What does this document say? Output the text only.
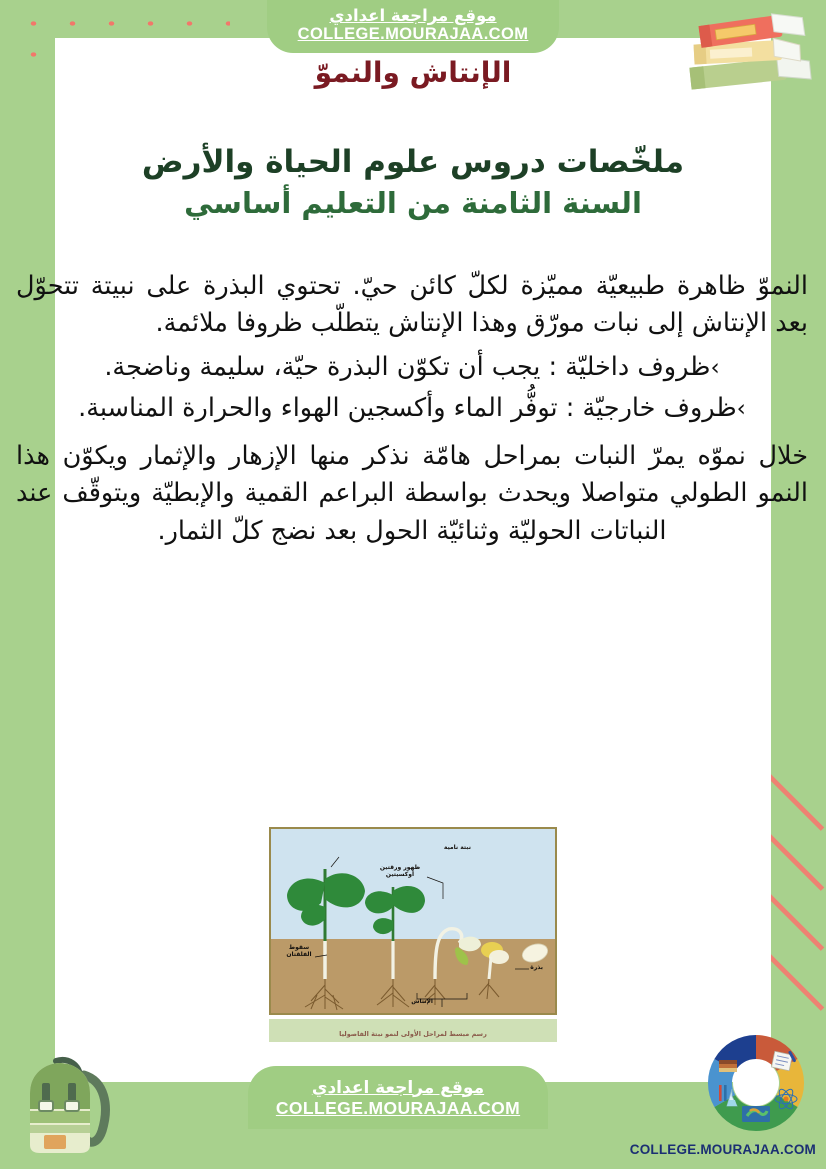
موقع مراجعة اعدادي
COLLEGE.MOURAJAA.COM
الإنتاش والنموّ
ملخّصات دروس علوم الحياة والأرض
السنة الثامنة من التعليم أساسي

النموّ ظاهرة طبيعيّة مميّزة لكلّ كائن حيّ. تحتوي البذرة على نبيتة تتحوّل بعد الإنتاش إلى نبات مورّق وهذا الإنتاش يتطلّب ظروفا ملائمة.

›ظروف داخليّة : يجب أن تكوّن البذرة حيّة، سليمة وناضجة.

›ظروف خارجيّة : توفُّر الماء وأكسجين الهواء والحرارة المناسبة.

خلال نموّه يمرّ النبات بمراحل هامّة نذكر منها الإزهار والإثمار ويكوّن هذا النمو الطولي متواصلا ويحدث بواسطة البراعم القمية والإبطيّة ويتوقّف عند النباتات الحوليّة وثنائيّة الحول بعد نضج كلّ الثمار.

نبتة نامية
ظهور ورقتين أوكسيتين
سقوط الفلقتان
بذرة
الإنتاش
رسم مبسط لمراحل الأولى لنمو نبتة الفاصوليا
موقع مراجعة اعدادي
COLLEGE.MOURAJAA.COM
COLLEGE.MOURAJAA.COM
